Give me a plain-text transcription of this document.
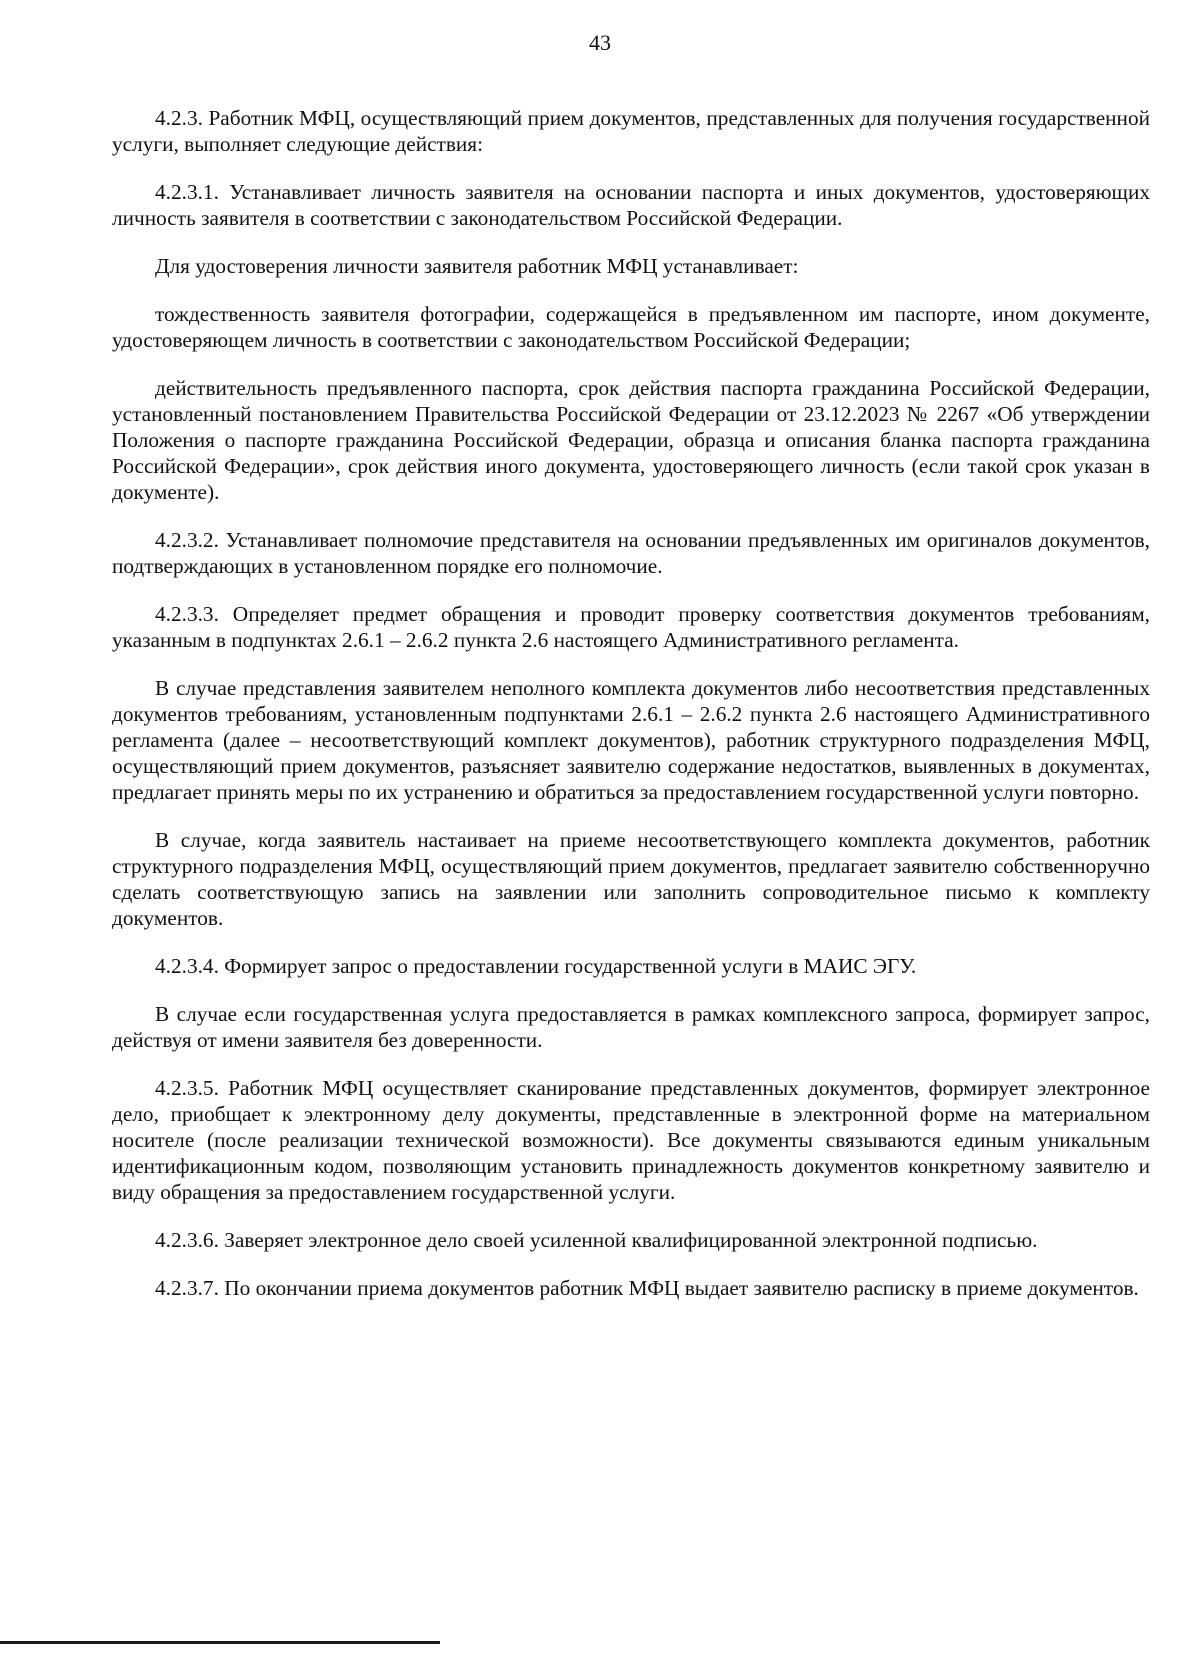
43

4.2.3. Работник МФЦ, осуществляющий прием документов, представленных для получения государственной услуги, выполняет следующие действия:

4.2.3.1. Устанавливает личность заявителя на основании паспорта и иных документов, удостоверяющих личность заявителя в соответствии с законодательством Российской Федерации.

Для удостоверения личности заявителя работник МФЦ устанавливает:

тождественность заявителя фотографии, содержащейся в предъявленном им паспорте, ином документе, удостоверяющем личность в соответствии с законодательством Российской Федерации;

действительность предъявленного паспорта, срок действия паспорта гражданина Российской Федерации, установленный постановлением Правительства Российской Федерации от 23.12.2023 № 2267 «Об утверждении Положения о паспорте гражданина Российской Федерации, образца и описания бланка паспорта гражданина Российской Федерации», срок действия иного документа, удостоверяющего личность (если такой срок указан в документе).

4.2.3.2. Устанавливает полномочие представителя на основании предъявленных им оригиналов документов, подтверждающих в установленном порядке его полномочие.

4.2.3.3. Определяет предмет обращения и проводит проверку соответствия документов требованиям, указанным в подпунктах 2.6.1 – 2.6.2 пункта 2.6 настоящего Административного регламента.

В случае представления заявителем неполного комплекта документов либо несоответствия представленных документов требованиям, установленным подпунктами 2.6.1 – 2.6.2 пункта 2.6 настоящего Административного регламента (далее – несоответствующий комплект документов), работник структурного подразделения МФЦ, осуществляющий прием документов, разъясняет заявителю содержание недостатков, выявленных в документах, предлагает принять меры по их устранению и обратиться за предоставлением государственной услуги повторно.

В случае, когда заявитель настаивает на приеме несоответствующего комплекта документов, работник структурного подразделения МФЦ, осуществляющий прием документов, предлагает заявителю собственноручно сделать соответствующую запись на заявлении или заполнить сопроводительное письмо к комплекту документов.

4.2.3.4. Формирует запрос о предоставлении государственной услуги в МАИС ЭГУ.

В случае если государственная услуга предоставляется в рамках комплексного запроса, формирует запрос, действуя от имени заявителя без доверенности.

4.2.3.5. Работник МФЦ осуществляет сканирование представленных документов, формирует электронное дело, приобщает к электронному делу документы, представленные в электронной форме на материальном носителе (после реализации технической возможности). Все документы связываются единым уникальным идентификационным кодом, позволяющим установить принадлежность документов конкретному заявителю и виду обращения за предоставлением государственной услуги.

4.2.3.6. Заверяет электронное дело своей усиленной квалифицированной электронной подписью.

4.2.3.7. По окончании приема документов работник МФЦ выдает заявителю расписку в приеме документов.
